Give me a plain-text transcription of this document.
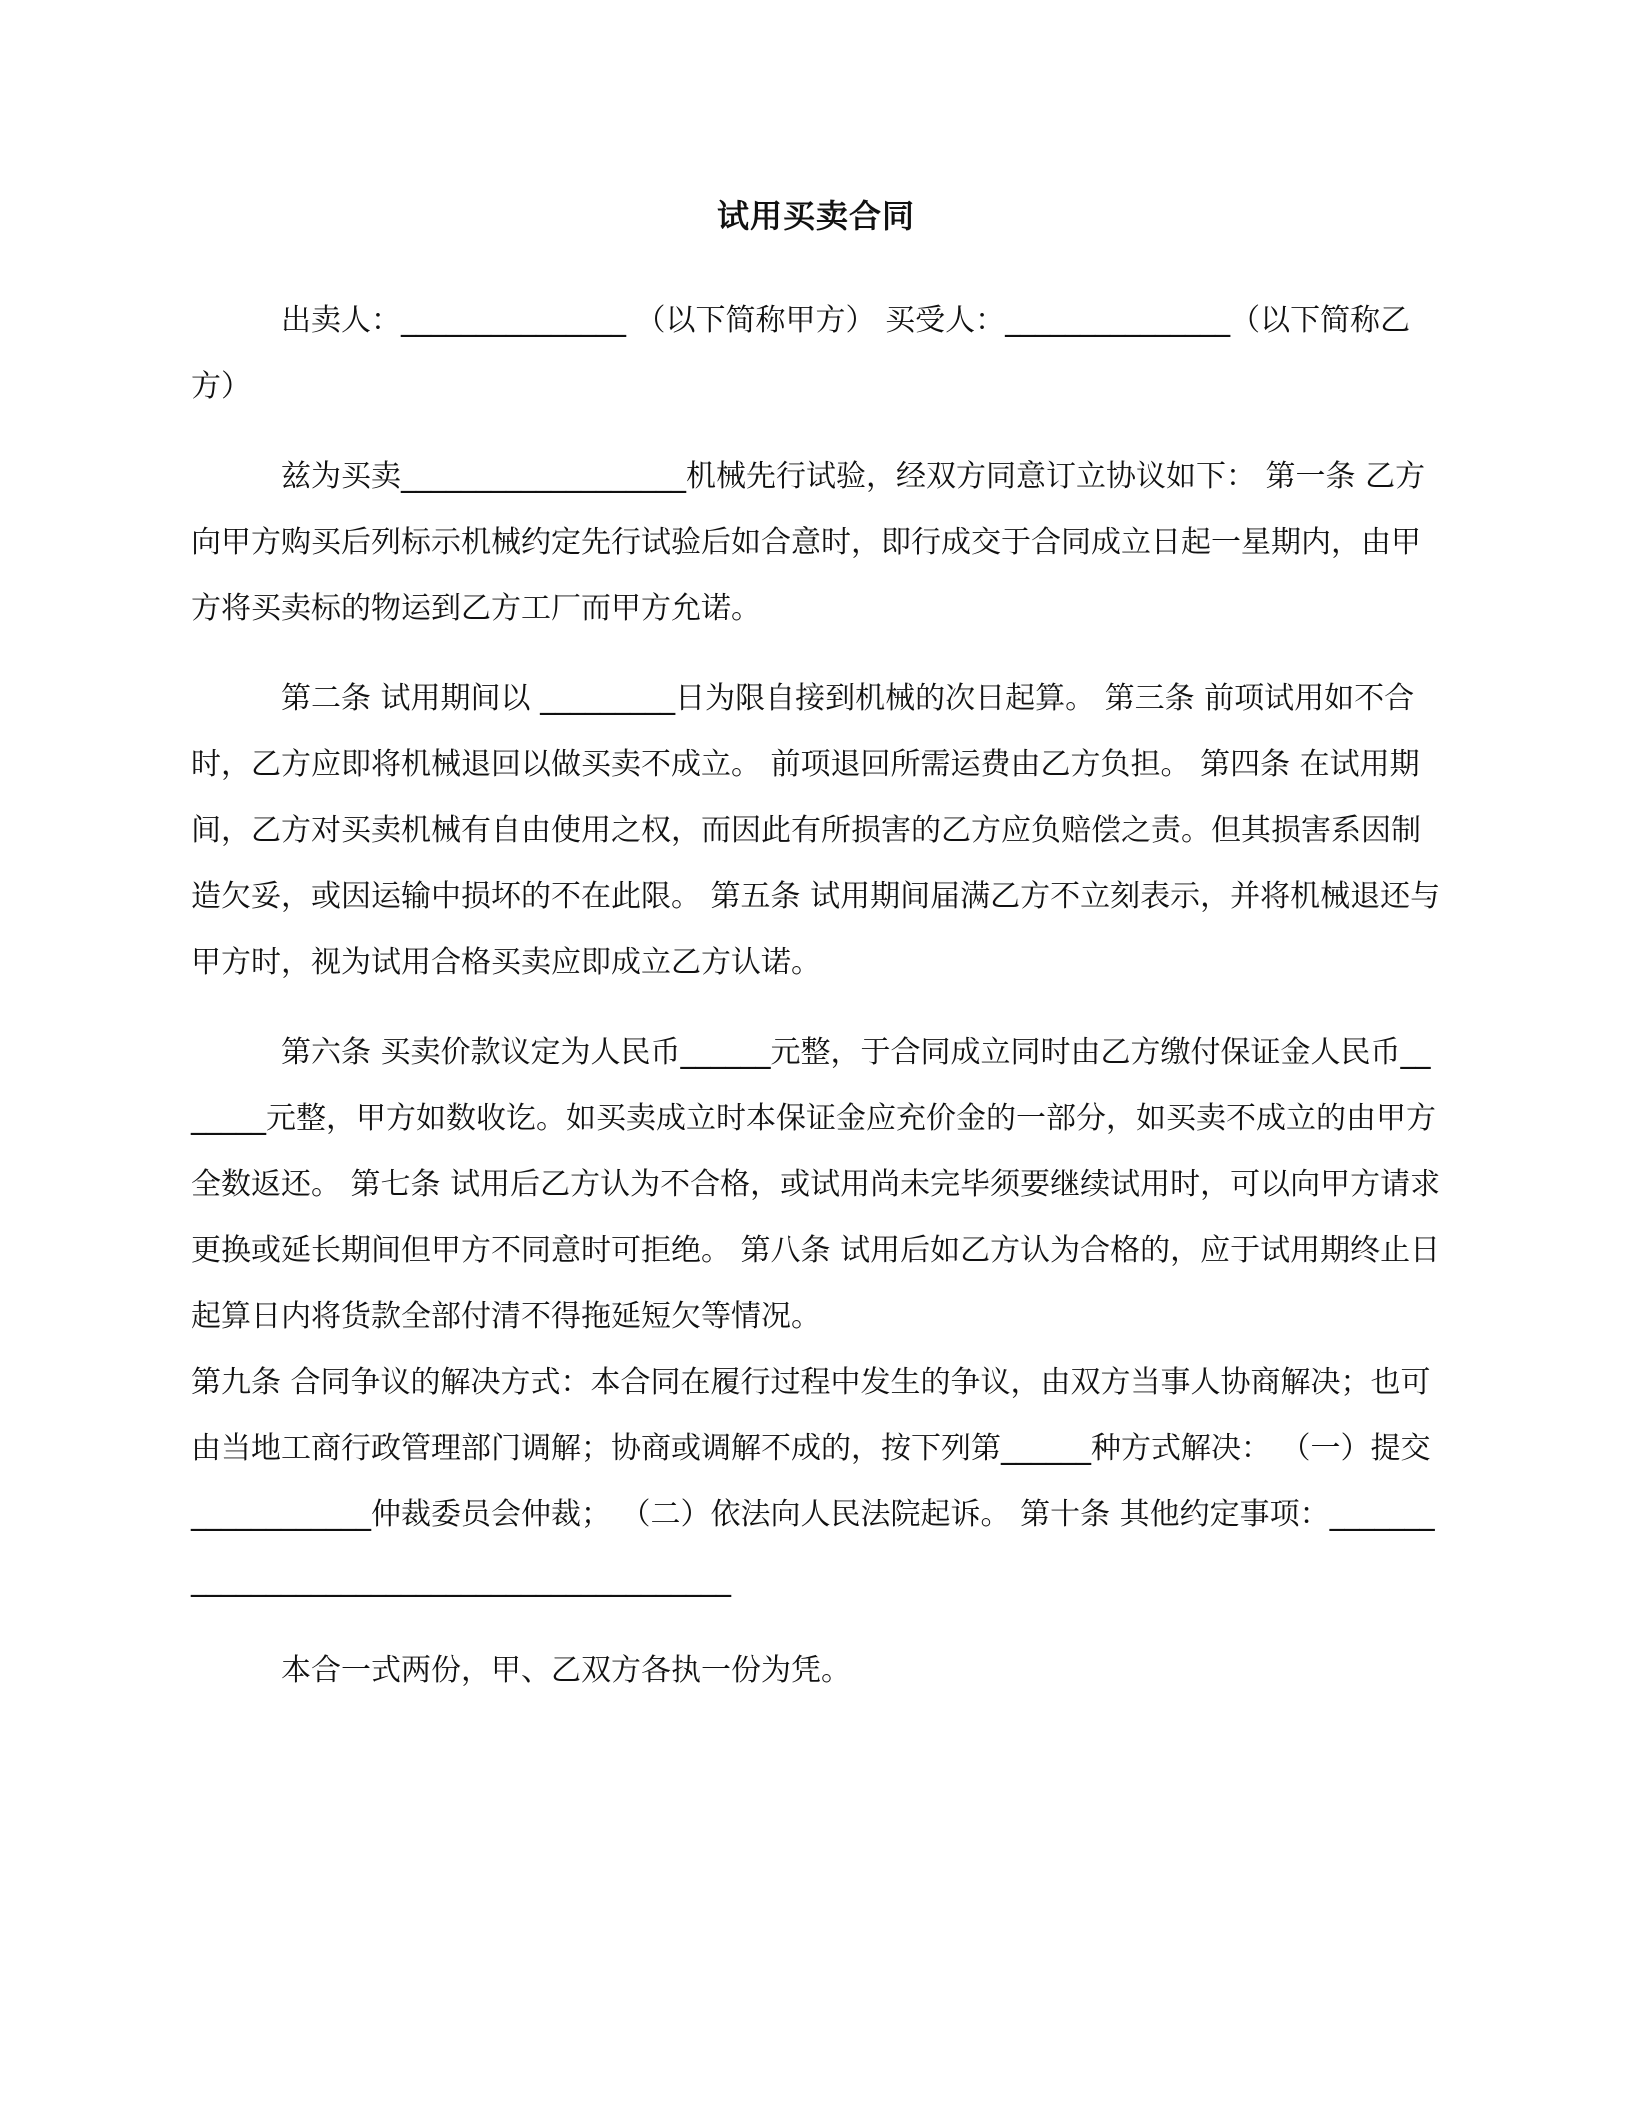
试用买卖合同

出卖人：_______________ （以下简称甲方） 买受人：_______________（以下简称乙方）

兹为买卖___________________机械先行试验，经双方同意订立协议如下： 第一条 乙方向甲方购买后列标示机械约定先行试验后如合意时，即行成交于合同成立日起一星期内，由甲方将买卖标的物运到乙方工厂而甲方允诺。

第二条 试用期间以 _________日为限自接到机械的次日起算。 第三条 前项试用如不合时，乙方应即将机械退回以做买卖不成立。 前项退回所需运费由乙方负担。 第四条 在试用期间，乙方对买卖机械有自由使用之权，而因此有所损害的乙方应负赔偿之责。但其损害系因制造欠妥，或因运输中损坏的不在此限。 第五条 试用期间届满乙方不立刻表示，并将机械退还与甲方时，视为试用合格买卖应即成立乙方认诺。

第六条 买卖价款议定为人民币______元整，于合同成立同时由乙方缴付保证金人民币_______元整，甲方如数收讫。如买卖成立时本保证金应充价金的一部分，如买卖不成立的由甲方全数返还。 第七条 试用后乙方认为不合格，或试用尚未完毕须要继续试用时，可以向甲方请求更换或延长期间但甲方不同意时可拒绝。 第八条 试用后如乙方认为合格的，应于试用期终止日起算日内将货款全部付清不得拖延短欠等情况。

第九条 合同争议的解决方式：本合同在履行过程中发生的争议，由双方当事人协商解决；也可由当地工商行政管理部门调解；协商或调解不成的，按下列第______种方式解决： （一）提交____________仲裁委员会仲裁； （二）依法向人民法院起诉。 第十条 其他约定事项：___________________________________________

本合一式两份，甲、乙双方各执一份为凭。
